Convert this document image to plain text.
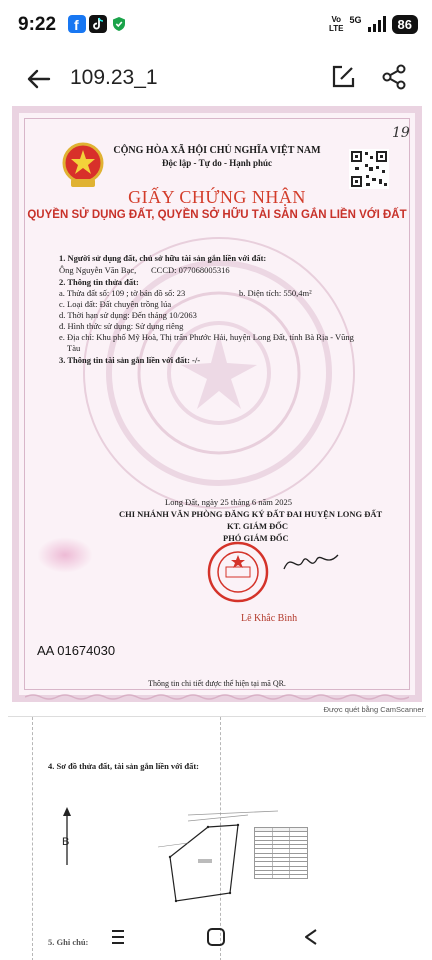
9:22 f	Vo
LTE
5G	86
109.23_1
19
CỘNG HÒA XÃ HỘI CHỦ NGHĨA VIỆT NAM
Độc lập - Tự do - Hạnh phúc
GIẤY CHỨNG NHẬN
QUYỀN SỬ DỤNG ĐẤT, QUYỀN SỞ HỮU TÀI SẢN GẮN LIỀN VỚI ĐẤT
1. Người sử dụng đất, chủ sở hữu tài sản gắn liền với đất:
Ông Nguyễn Văn Bạc, CCCD: 077068005316
2. Thông tin thửa đất:
a. Thửa đất số: 109 ; tờ bản đồ số: 23	b. Diện tích: 550,4m²
c. Loại đất: Đất chuyên trồng lúa
d. Thời hạn sử dụng: Đến tháng 10/2063
đ. Hình thức sử dụng: Sử dụng riêng
e. Địa chỉ: Khu phố Mỹ Hoà, Thị trấn Phước Hải, huyện Long Đất, tỉnh Bà Rịa - Vũng
Tàu
3. Thông tin tài sản gắn liền với đất: -/-
Long Đất, ngày 25 tháng 6 năm 2025
CHI NHÁNH VĂN PHÒNG ĐĂNG KÝ ĐẤT ĐAI HUYỆN LONG ĐẤT
KT. GIÁM ĐỐC
PHÓ GIÁM ĐỐC
Lê Khắc Bình
AA 01674030
Thông tin chi tiết được thể hiện tại mã QR.
Được quét bằng CamScanner
4. Sơ đồ thửa đất, tài sản gắn liền với đất:
B
5. Ghi chú:
